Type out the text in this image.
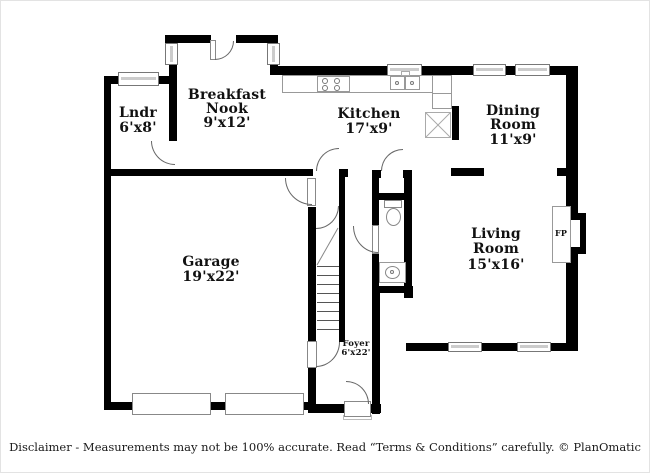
FP
Lndr
6'x8'
Breakfast
Nook
9'x12'
Kitchen
17'x9'
Dining
Room
11'x9'
Living
Room
15'x16'
Garage
19'x22'
Foyer
6'x22'
Disclaimer - Measurements may not be 100% accurate. Read “Terms & Conditions” carefully. © PlanOmatic
